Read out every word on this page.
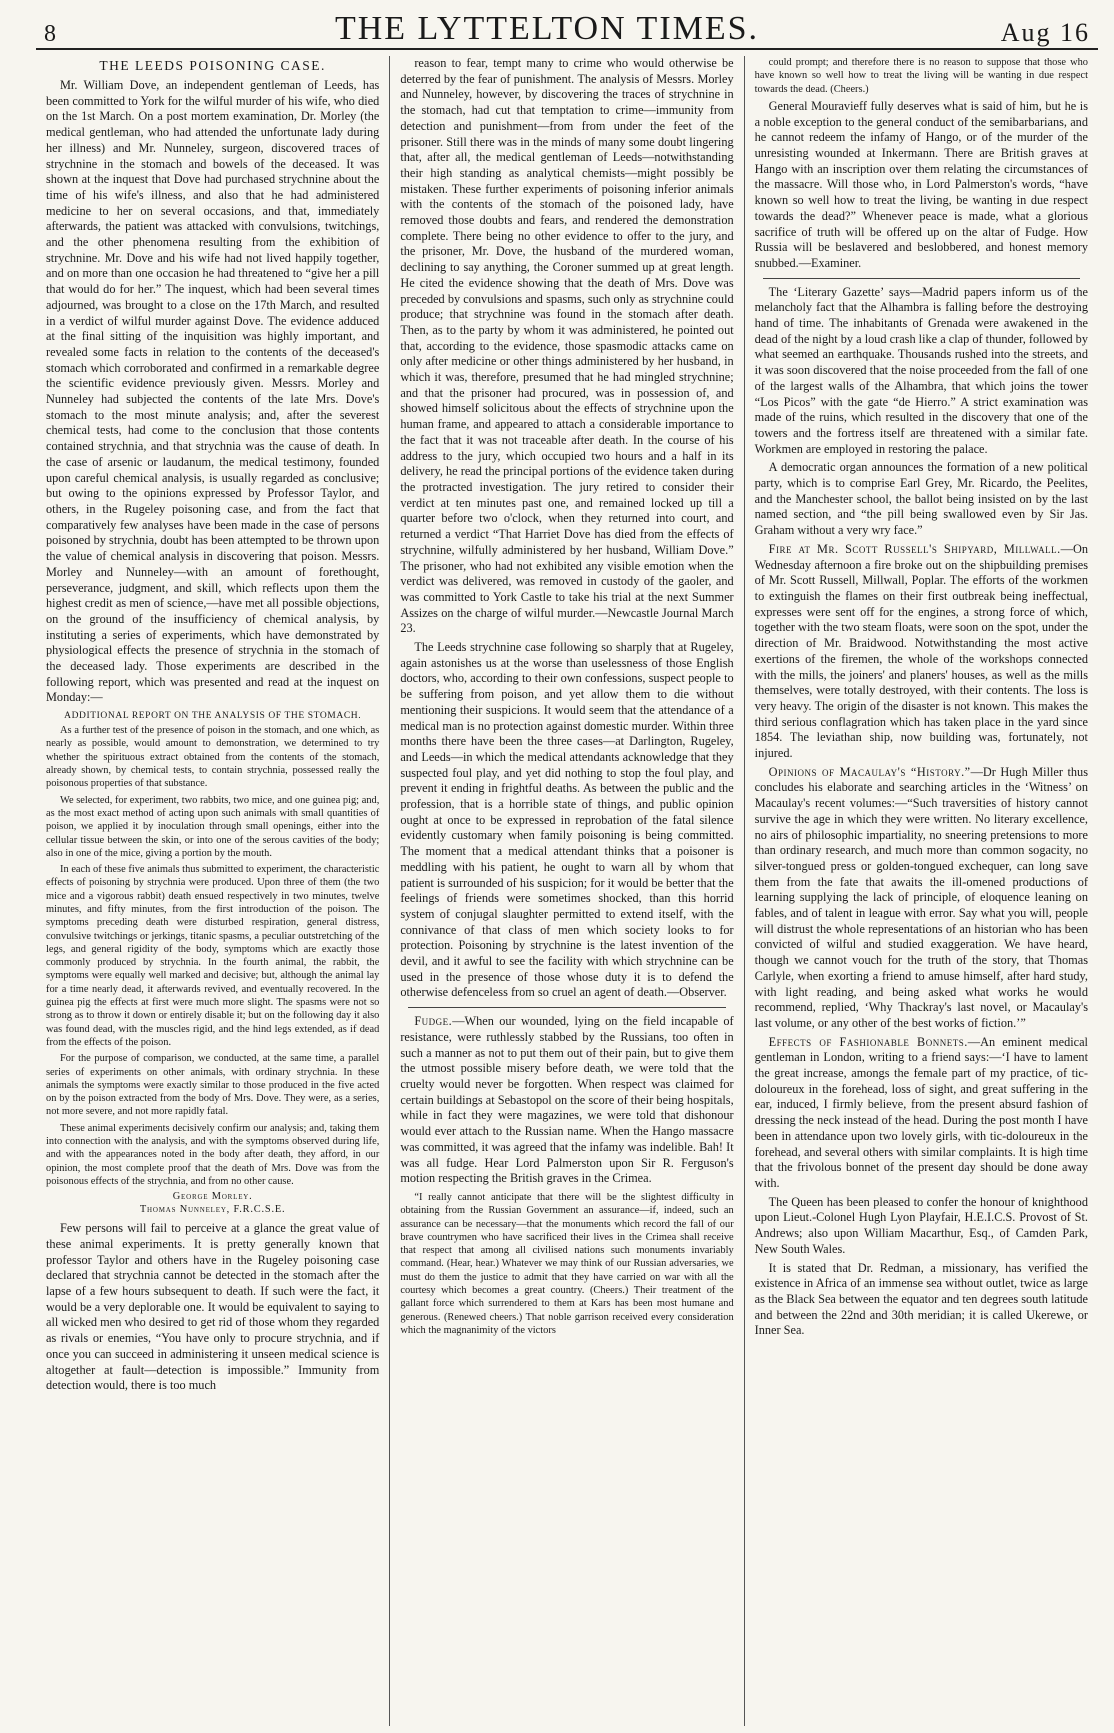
8	THE LYTTELTON TIMES.	Aug 16
THE LEEDS POISONING CASE.

Mr. William Dove, an independent gentleman of Leeds, has been committed to York for the wilful murder of his wife, who died on the 1st March. On a post mortem examination, Dr. Morley (the medical gentleman, who had attended the unfortunate lady during her illness) and Mr. Nunneley, surgeon, discovered traces of strychnine in the stomach and bowels of the deceased. It was shown at the inquest that Dove had purchased strychnine about the time of his wife's illness, and also that he had administered medicine to her on several occasions, and that, immediately afterwards, the patient was attacked with convulsions, twitchings, and the other phenomena resulting from the exhibition of strychnine. Mr. Dove and his wife had not lived happily together, and on more than one occasion he had threatened to “give her a pill that would do for her.” The inquest, which had been several times adjourned, was brought to a close on the 17th March, and resulted in a verdict of wilful murder against Dove. The evidence adduced at the final sitting of the inquisition was highly important, and revealed some facts in relation to the contents of the deceased's stomach which corroborated and confirmed in a remarkable degree the scientific evidence previously given. Messrs. Morley and Nunneley had subjected the contents of the late Mrs. Dove's stomach to the most minute analysis; and, after the severest chemical tests, had come to the conclusion that those contents contained strychnia, and that strychnia was the cause of death. In the case of arsenic or laudanum, the medical testimony, founded upon careful chemical analysis, is usually regarded as conclusive; but owing to the opinions expressed by Professor Taylor, and others, in the Rugeley poisoning case, and from the fact that comparatively few analyses have been made in the case of persons poisoned by strychnia, doubt has been attempted to be thrown upon the value of chemical analysis in discovering that poison. Messrs. Morley and Nunneley—with an amount of forethought, perseverance, judgment, and skill, which reflects upon them the highest credit as men of science,—have met all possible objections, on the ground of the insufficiency of chemical analysis, by instituting a series of experiments, which have demonstrated by physiological effects the presence of strychnia in the stomach of the deceased lady. Those experiments are described in the following report, which was presented and read at the inquest on Monday:—

ADDITIONAL REPORT ON THE ANALYSIS OF THE STOMACH.

As a further test of the presence of poison in the stomach, and one which, as nearly as possible, would amount to demonstration, we determined to try whether the spirituous extract obtained from the contents of the stomach, already shown, by chemical tests, to contain strychnia, possessed really the poisonous properties of that substance.

We selected, for experiment, two rabbits, two mice, and one guinea pig; and, as the most exact method of acting upon such animals with small quantities of poison, we applied it by inoculation through small openings, either into the cellular tissue between the skin, or into one of the serous cavities of the body; also in one of the mice, giving a portion by the mouth.

In each of these five animals thus submitted to experiment, the characteristic effects of poisoning by strychnia were produced. Upon three of them (the two mice and a vigorous rabbit) death ensued respectively in two minutes, twelve minutes, and fifty minutes, from the first introduction of the poison. The symptoms preceding death were disturbed respiration, general distress, convulsive twitchings or jerkings, titanic spasms, a peculiar outstretching of the legs, and general rigidity of the body, symptoms which are exactly those commonly produced by strychnia. In the fourth animal, the rabbit, the symptoms were equally well marked and decisive; but, although the animal lay for a time nearly dead, it afterwards revived, and eventually recovered. In the guinea pig the effects at first were much more slight. The spasms were not so strong as to throw it down or entirely disable it; but on the following day it also was found dead, with the muscles rigid, and the hind legs extended, as if dead from the effects of the poison.

For the purpose of comparison, we conducted, at the same time, a parallel series of experiments on other animals, with ordinary strychnia. In these animals the symptoms were exactly similar to those produced in the five acted on by the poison extracted from the body of Mrs. Dove. They were, as a series, not more severe, and not more rapidly fatal.

These animal experiments decisively confirm our analysis; and, taking them into connection with the analysis, and with the symptoms observed during life, and with the appearances noted in the body after death, they afford, in our opinion, the most complete proof that the death of Mrs. Dove was from the poisonous effects of the strychnia, and from no other cause.

George Morley.
Thomas Nunneley, F.R.C.S.E.

Few persons will fail to perceive at a glance the great value of these animal experiments. It is pretty generally known that professor Taylor and others have in the Rugeley poisoning case declared that strychnia cannot be detected in the stomach after the lapse of a few hours subsequent to death. If such were the fact, it would be a very deplorable one. It would be equivalent to saying to all wicked men who desired to get rid of those whom they regarded as rivals or enemies, “You have only to procure strychnia, and if once you can succeed in administering it unseen medical science is altogether at fault—detection is impossible.” Immunity from detection would, there is too much

reason to fear, tempt many to crime who would otherwise be deterred by the fear of punishment. The analysis of Messrs. Morley and Nunneley, however, by discovering the traces of strychnine in the stomach, had cut that temptation to crime—immunity from detection and punishment—from from under the feet of the prisoner. Still there was in the minds of many some doubt lingering that, after all, the medical gentleman of Leeds—notwithstanding their high standing as analytical chemists—might possibly be mistaken. These further experiments of poisoning inferior animals with the contents of the stomach of the poisoned lady, have removed those doubts and fears, and rendered the demonstration complete. There being no other evidence to offer to the jury, and the prisoner, Mr. Dove, the husband of the murdered woman, declining to say anything, the Coroner summed up at great length. He cited the evidence showing that the death of Mrs. Dove was preceded by convulsions and spasms, such only as strychnine could produce; that strychnine was found in the stomach after death. Then, as to the party by whom it was administered, he pointed out that, according to the evidence, those spasmodic attacks came on only after medicine or other things administered by her husband, in which it was, therefore, presumed that he had mingled strychnine; and that the prisoner had procured, was in possession of, and showed himself solicitous about the effects of strychnine upon the human frame, and appeared to attach a considerable importance to the fact that it was not traceable after death. In the course of his address to the jury, which occupied two hours and a half in its delivery, he read the principal portions of the evidence taken during the protracted investigation. The jury retired to consider their verdict at ten minutes past one, and remained locked up till a quarter before two o'clock, when they returned into court, and returned a verdict “That Harriet Dove has died from the effects of strychnine, wilfully administered by her husband, William Dove.” The prisoner, who had not exhibited any visible emotion when the verdict was delivered, was removed in custody of the gaoler, and was committed to York Castle to take his trial at the next Summer Assizes on the charge of wilful murder.—Newcastle Journal March 23.

The Leeds strychnine case following so sharply that at Rugeley, again astonishes us at the worse than uselessness of those English doctors, who, according to their own confessions, suspect people to be suffering from poison, and yet allow them to die without mentioning their suspicions. It would seem that the attendance of a medical man is no protection against domestic murder. Within three months there have been the three cases—at Darlington, Rugeley, and Leeds—in which the medical attendants acknowledge that they suspected foul play, and yet did nothing to stop the foul play, and prevent it ending in frightful deaths. As between the public and the profession, that is a horrible state of things, and public opinion ought at once to be expressed in reprobation of the fatal silence evidently customary when family poisoning is being committed. The moment that a medical attendant thinks that a poisoner is meddling with his patient, he ought to warn all by whom that patient is surrounded of his suspicion; for it would be better that the feelings of friends were sometimes shocked, than this horrid system of conjugal slaughter permitted to extend itself, with the connivance of that class of men which society looks to for protection. Poisoning by strychnine is the latest invention of the devil, and it awful to see the facility with which strychnine can be used in the presence of those whose duty it is to defend the otherwise defenceless from so cruel an agent of death.—Observer.

Fudge.—When our wounded, lying on the field incapable of resistance, were ruthlessly stabbed by the Russians, too often in such a manner as not to put them out of their pain, but to give them the utmost possible misery before death, we were told that the cruelty would never be forgotten. When respect was claimed for certain buildings at Sebastopol on the score of their being hospitals, while in fact they were magazines, we were told that dishonour would ever attach to the Russian name. When the Hango massacre was committed, it was agreed that the infamy was indelible. Bah! It was all fudge. Hear Lord Palmerston upon Sir R. Ferguson's motion respecting the British graves in the Crimea.

“I really cannot anticipate that there will be the slightest difficulty in obtaining from the Russian Government an assurance—if, indeed, such an assurance can be necessary—that the monuments which record the fall of our brave countrymen who have sacrificed their lives in the Crimea shall receive that respect that among all civilised nations such monuments invariably command. (Hear, hear.) Whatever we may think of our Russian adversaries, we must do them the justice to admit that they have carried on war with all the courtesy which becomes a great country. (Cheers.) Their treatment of the gallant force which surrendered to them at Kars has been most humane and generous. (Renewed cheers.) That noble garrison received every consideration which the magnanimity of the victors

could prompt; and therefore there is no reason to suppose that those who have known so well how to treat the living will be wanting in due respect towards the dead. (Cheers.)

General Mouravieff fully deserves what is said of him, but he is a noble exception to the general conduct of the semibarbarians, and he cannot redeem the infamy of Hango, or of the murder of the unresisting wounded at Inkermann. There are British graves at Hango with an inscription over them relating the circumstances of the massacre. Will those who, in Lord Palmerston's words, “have known so well how to treat the living, be wanting in due respect towards the dead?” Whenever peace is made, what a glorious sacrifice of truth will be offered up on the altar of Fudge. How Russia will be beslavered and beslobbered, and honest memory snubbed.—Examiner.

The ‘Literary Gazette’ says—Madrid papers inform us of the melancholy fact that the Alhambra is falling before the destroying hand of time. The inhabitants of Grenada were awakened in the dead of the night by a loud crash like a clap of thunder, followed by what seemed an earthquake. Thousands rushed into the streets, and it was soon discovered that the noise proceeded from the fall of one of the largest walls of the Alhambra, that which joins the tower “Los Picos” with the gate “de Hierro.” A strict examination was made of the ruins, which resulted in the discovery that one of the towers and the fortress itself are threatened with a similar fate. Workmen are employed in restoring the palace.

A democratic organ announces the formation of a new political party, which is to comprise Earl Grey, Mr. Ricardo, the Peelites, and the Manchester school, the ballot being insisted on by the last named section, and “the pill being swallowed even by Sir Jas. Graham without a very wry face.”

Fire at Mr. Scott Russell's Shipyard, Millwall.—On Wednesday afternoon a fire broke out on the shipbuilding premises of Mr. Scott Russell, Millwall, Poplar. The efforts of the workmen to extinguish the flames on their first outbreak being ineffectual, expresses were sent off for the engines, a strong force of which, together with the two steam floats, were soon on the spot, under the direction of Mr. Braidwood. Notwithstanding the most active exertions of the firemen, the whole of the workshops connected with the mills, the joiners' and planers' houses, as well as the mills themselves, were totally destroyed, with their contents. The loss is very heavy. The origin of the disaster is not known. This makes the third serious conflagration which has taken place in the yard since 1854. The leviathan ship, now building was, fortunately, not injured.

Opinions of Macaulay's “History.”—Dr Hugh Miller thus concludes his elaborate and searching articles in the ‘Witness’ on Macaulay's recent volumes:—“Such traversities of history cannot survive the age in which they were written. No literary excellence, no airs of philosophic impartiality, no sneering pretensions to more than ordinary research, and much more than common sogacity, no silver-tongued press or golden-tongued exchequer, can long save them from the fate that awaits the ill-omened productions of learning supplying the lack of principle, of eloquence leaning on fables, and of talent in league with error. Say what you will, people will distrust the whole representations of an historian who has been convicted of wilful and studied exaggeration. We have heard, though we cannot vouch for the truth of the story, that Thomas Carlyle, when exorting a friend to amuse himself, after hard study, with light reading, and being asked what works he would recommend, replied, ‘Why Thackray's last novel, or Macaulay's last volume, or any other of the best works of fiction.’”

Effects of Fashionable Bonnets.—An eminent medical gentleman in London, writing to a friend says:—‘I have to lament the great increase, amongs the female part of my practice, of tic-doloureux in the forehead, loss of sight, and great suffering in the ear, induced, I firmly believe, from the present absurd fashion of dressing the neck instead of the head. During the post month I have been in attendance upon two lovely girls, with tic-doloureux in the forehead, and several others with similar complaints. It is high time that the frivolous bonnet of the present day should be done away with.

The Queen has been pleased to confer the honour of knighthood upon Lieut.-Colonel Hugh Lyon Playfair, H.E.I.C.S. Provost of St. Andrews; also upon William Macarthur, Esq., of Camden Park, New South Wales.

It is stated that Dr. Redman, a missionary, has verified the existence in Africa of an immense sea without outlet, twice as large as the Black Sea between the equator and ten degrees south latitude and between the 22nd and 30th meridian; it is called Ukerewe, or Inner Sea.
